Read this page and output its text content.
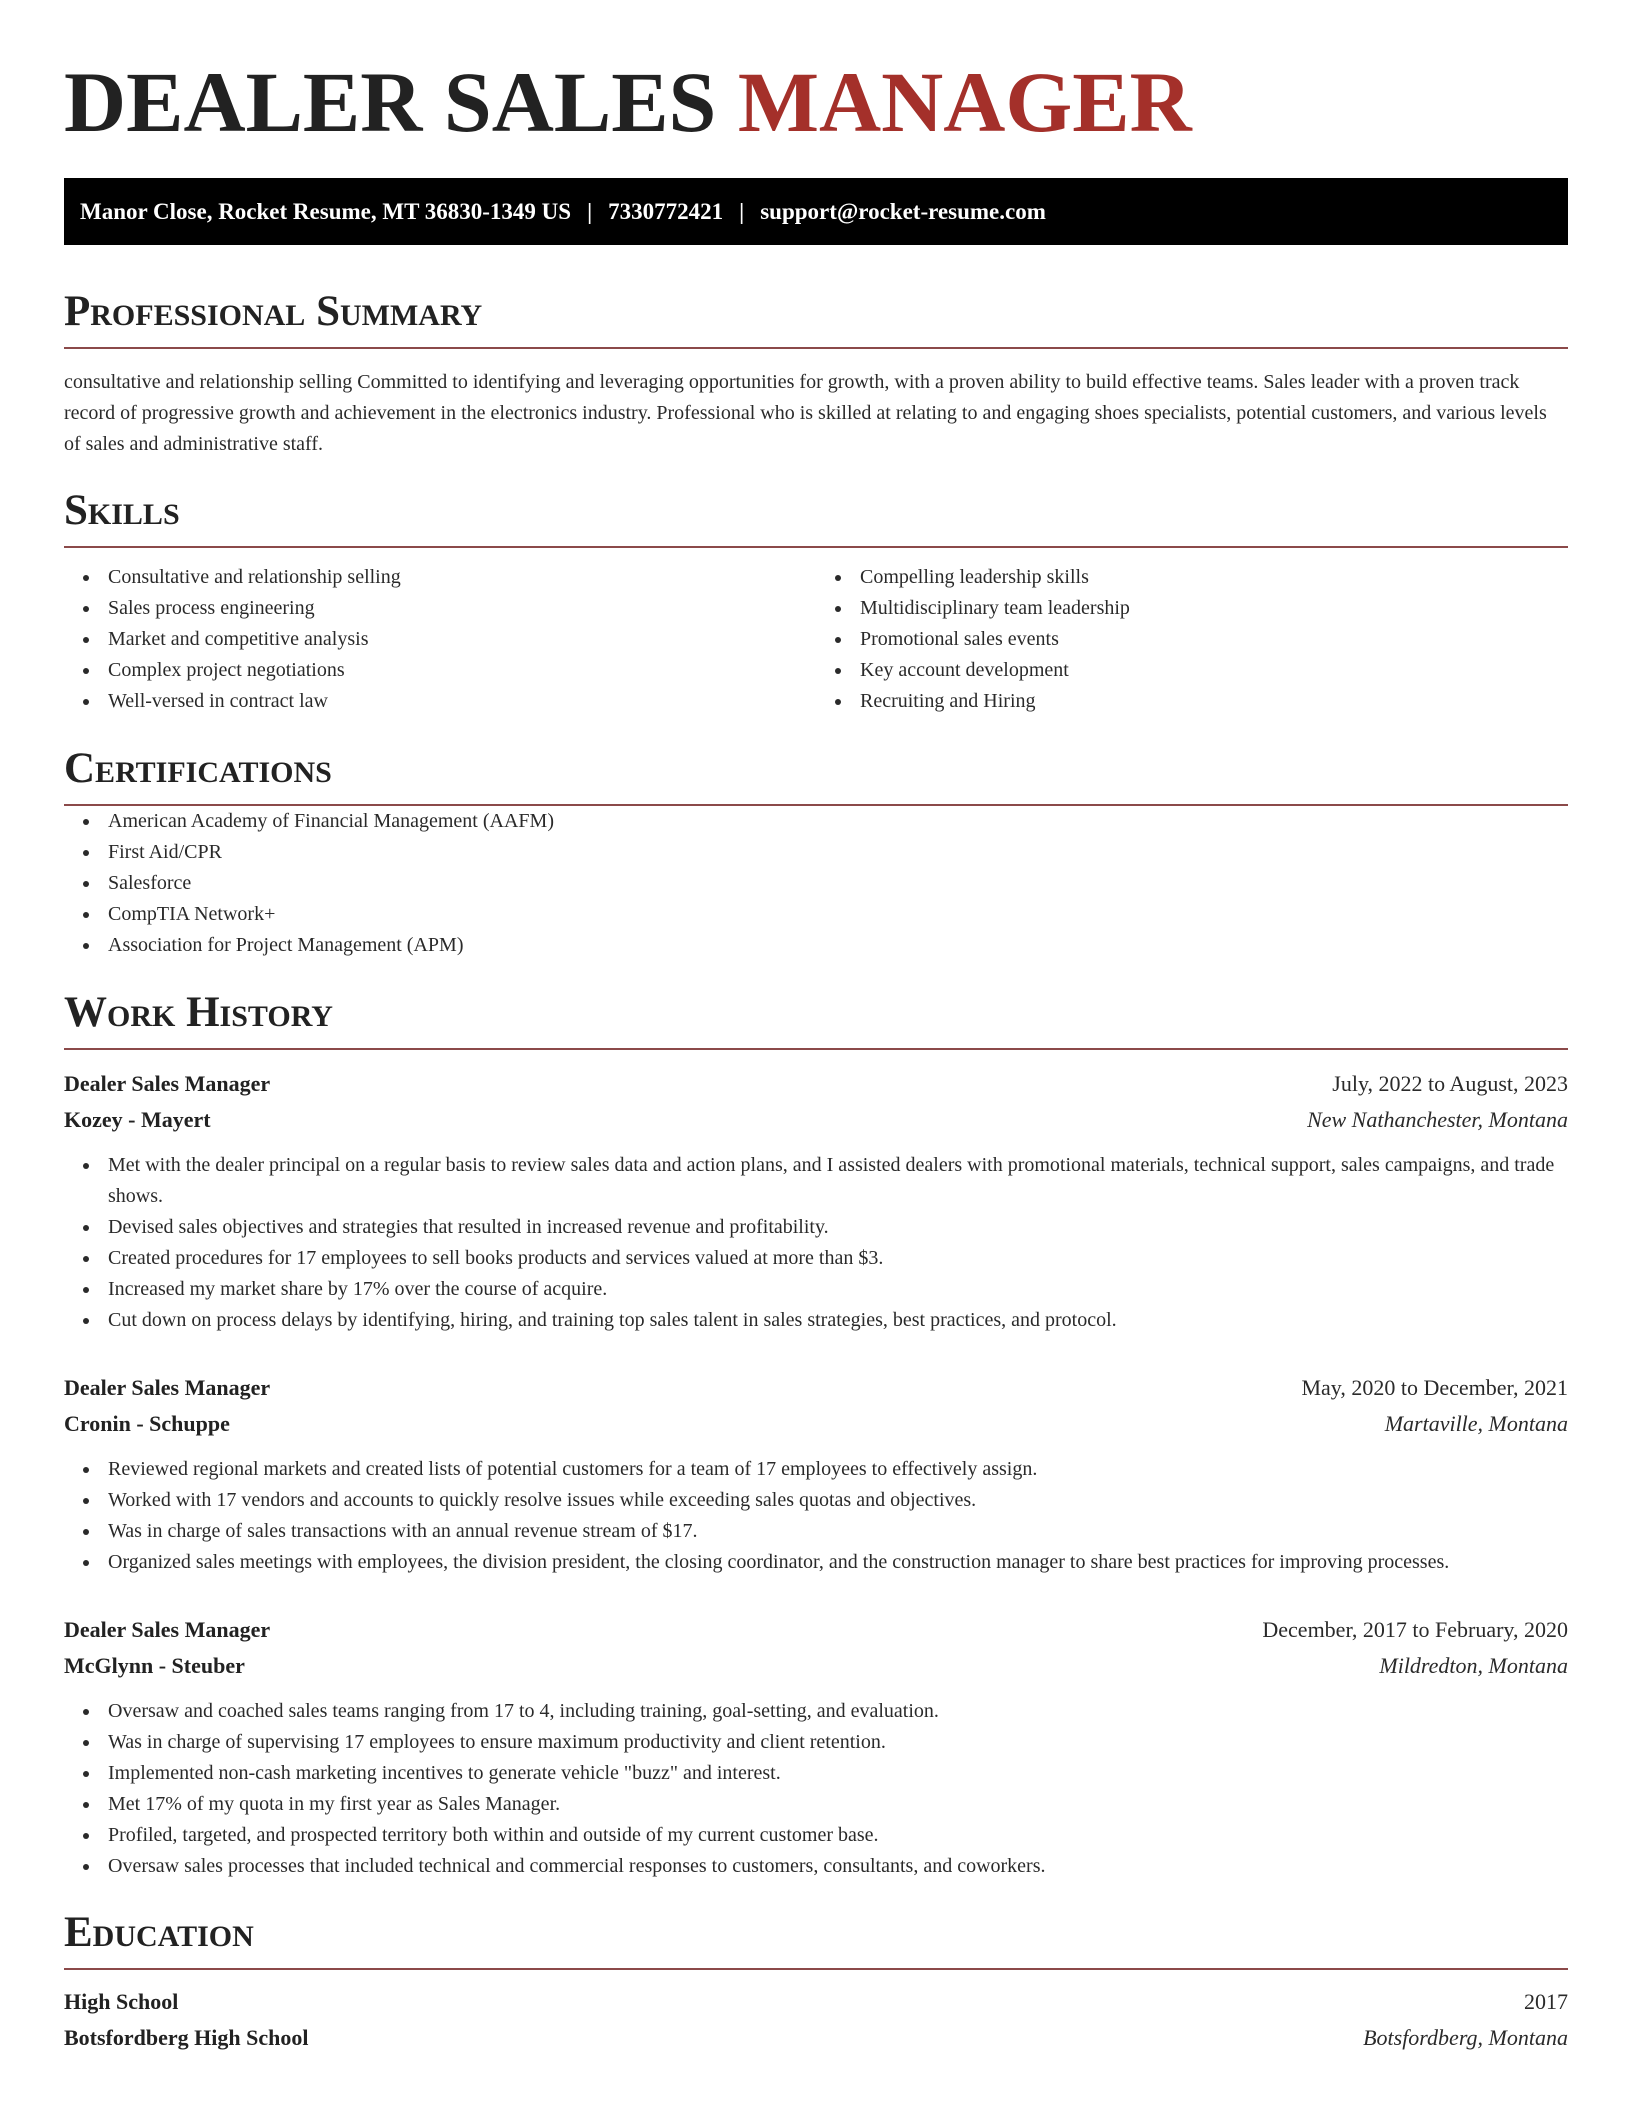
DEALER SALES MANAGER
Manor Close, Rocket Resume, MT 36830-1349 US | 7330772421 | support@rocket-resume.com
Professional Summary

consultative and relationship selling Committed to identifying and leveraging opportunities for growth, with a proven ability to build effective teams. Sales leader with a proven track record of progressive growth and achievement in the electronics industry. Professional who is skilled at relating to and engaging shoes specialists, potential customers, and various levels of sales and administrative staff.

Skills
Consultative and relationship selling
Sales process engineering
Market and competitive analysis
Complex project negotiations
Well-versed in contract law
Compelling leadership skills
Multidisciplinary team leadership
Promotional sales events
Key account development
Recruiting and Hiring
Certifications
American Academy of Financial Management (AAFM)
First Aid/CPR
Salesforce
CompTIA Network+
Association for Project Management (APM)
Work History
Dealer Sales Manager	July, 2022 to August, 2023
Kozey - Mayert	New Nathanchester, Montana
Met with the dealer principal on a regular basis to review sales data and action plans, and I assisted dealers with promotional materials, technical support, sales campaigns, and trade shows.
Devised sales objectives and strategies that resulted in increased revenue and profitability.
Created procedures for 17 employees to sell books products and services valued at more than $3.
Increased my market share by 17% over the course of acquire.
Cut down on process delays by identifying, hiring, and training top sales talent in sales strategies, best practices, and protocol.
Dealer Sales Manager	May, 2020 to December, 2021
Cronin - Schuppe	Martaville, Montana
Reviewed regional markets and created lists of potential customers for a team of 17 employees to effectively assign.
Worked with 17 vendors and accounts to quickly resolve issues while exceeding sales quotas and objectives.
Was in charge of sales transactions with an annual revenue stream of $17.
Organized sales meetings with employees, the division president, the closing coordinator, and the construction manager to share best practices for improving processes.
Dealer Sales Manager	December, 2017 to February, 2020
McGlynn - Steuber	Mildredton, Montana
Oversaw and coached sales teams ranging from 17 to 4, including training, goal-setting, and evaluation.
Was in charge of supervising 17 employees to ensure maximum productivity and client retention.
Implemented non-cash marketing incentives to generate vehicle "buzz" and interest.
Met 17% of my quota in my first year as Sales Manager.
Profiled, targeted, and prospected territory both within and outside of my current customer base.
Oversaw sales processes that included technical and commercial responses to customers, consultants, and coworkers.
Education
High School	2017
Botsfordberg High School	Botsfordberg, Montana
